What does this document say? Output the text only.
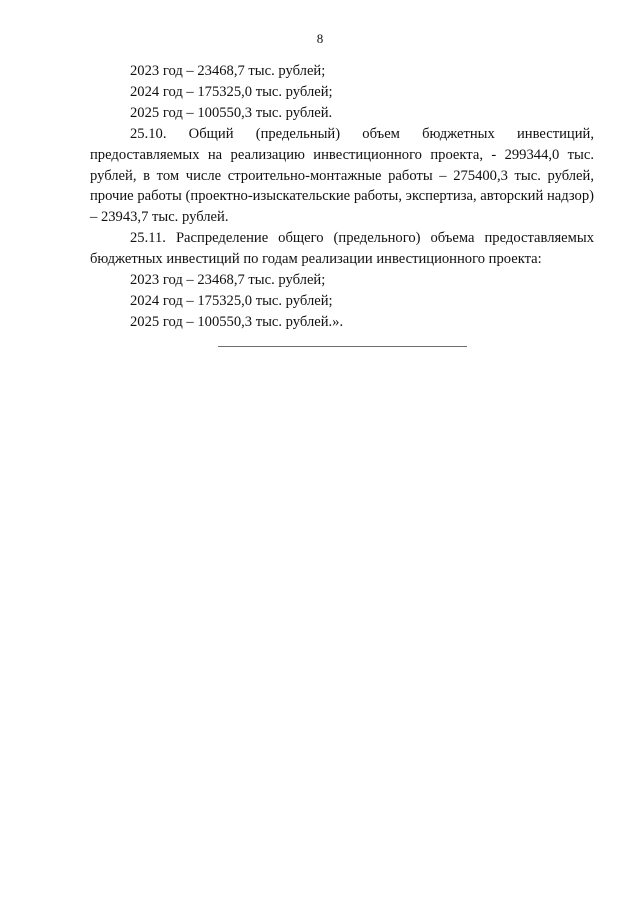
8

2023 год – 23468,7 тыс. рублей;

2024 год – 175325,0 тыс. рублей;

2025 год – 100550,3 тыс. рублей.

25.10. Общий (предельный) объем бюджетных инвестиций, предоставляемых на реализацию инвестиционного проекта, - 299344,0 тыс. рублей, в том числе строительно-монтажные работы – 275400,3 тыс. рублей, прочие работы (проектно-изыскательские работы, экспертиза, авторский надзор) – 23943,7 тыс. рублей.

25.11. Распределение общего (предельного) объема предоставляемых бюджетных инвестиций по годам реализации инвестиционного проекта:

2023 год – 23468,7 тыс. рублей;

2024 год – 175325,0 тыс. рублей;

2025 год – 100550,3 тыс. рублей.».
